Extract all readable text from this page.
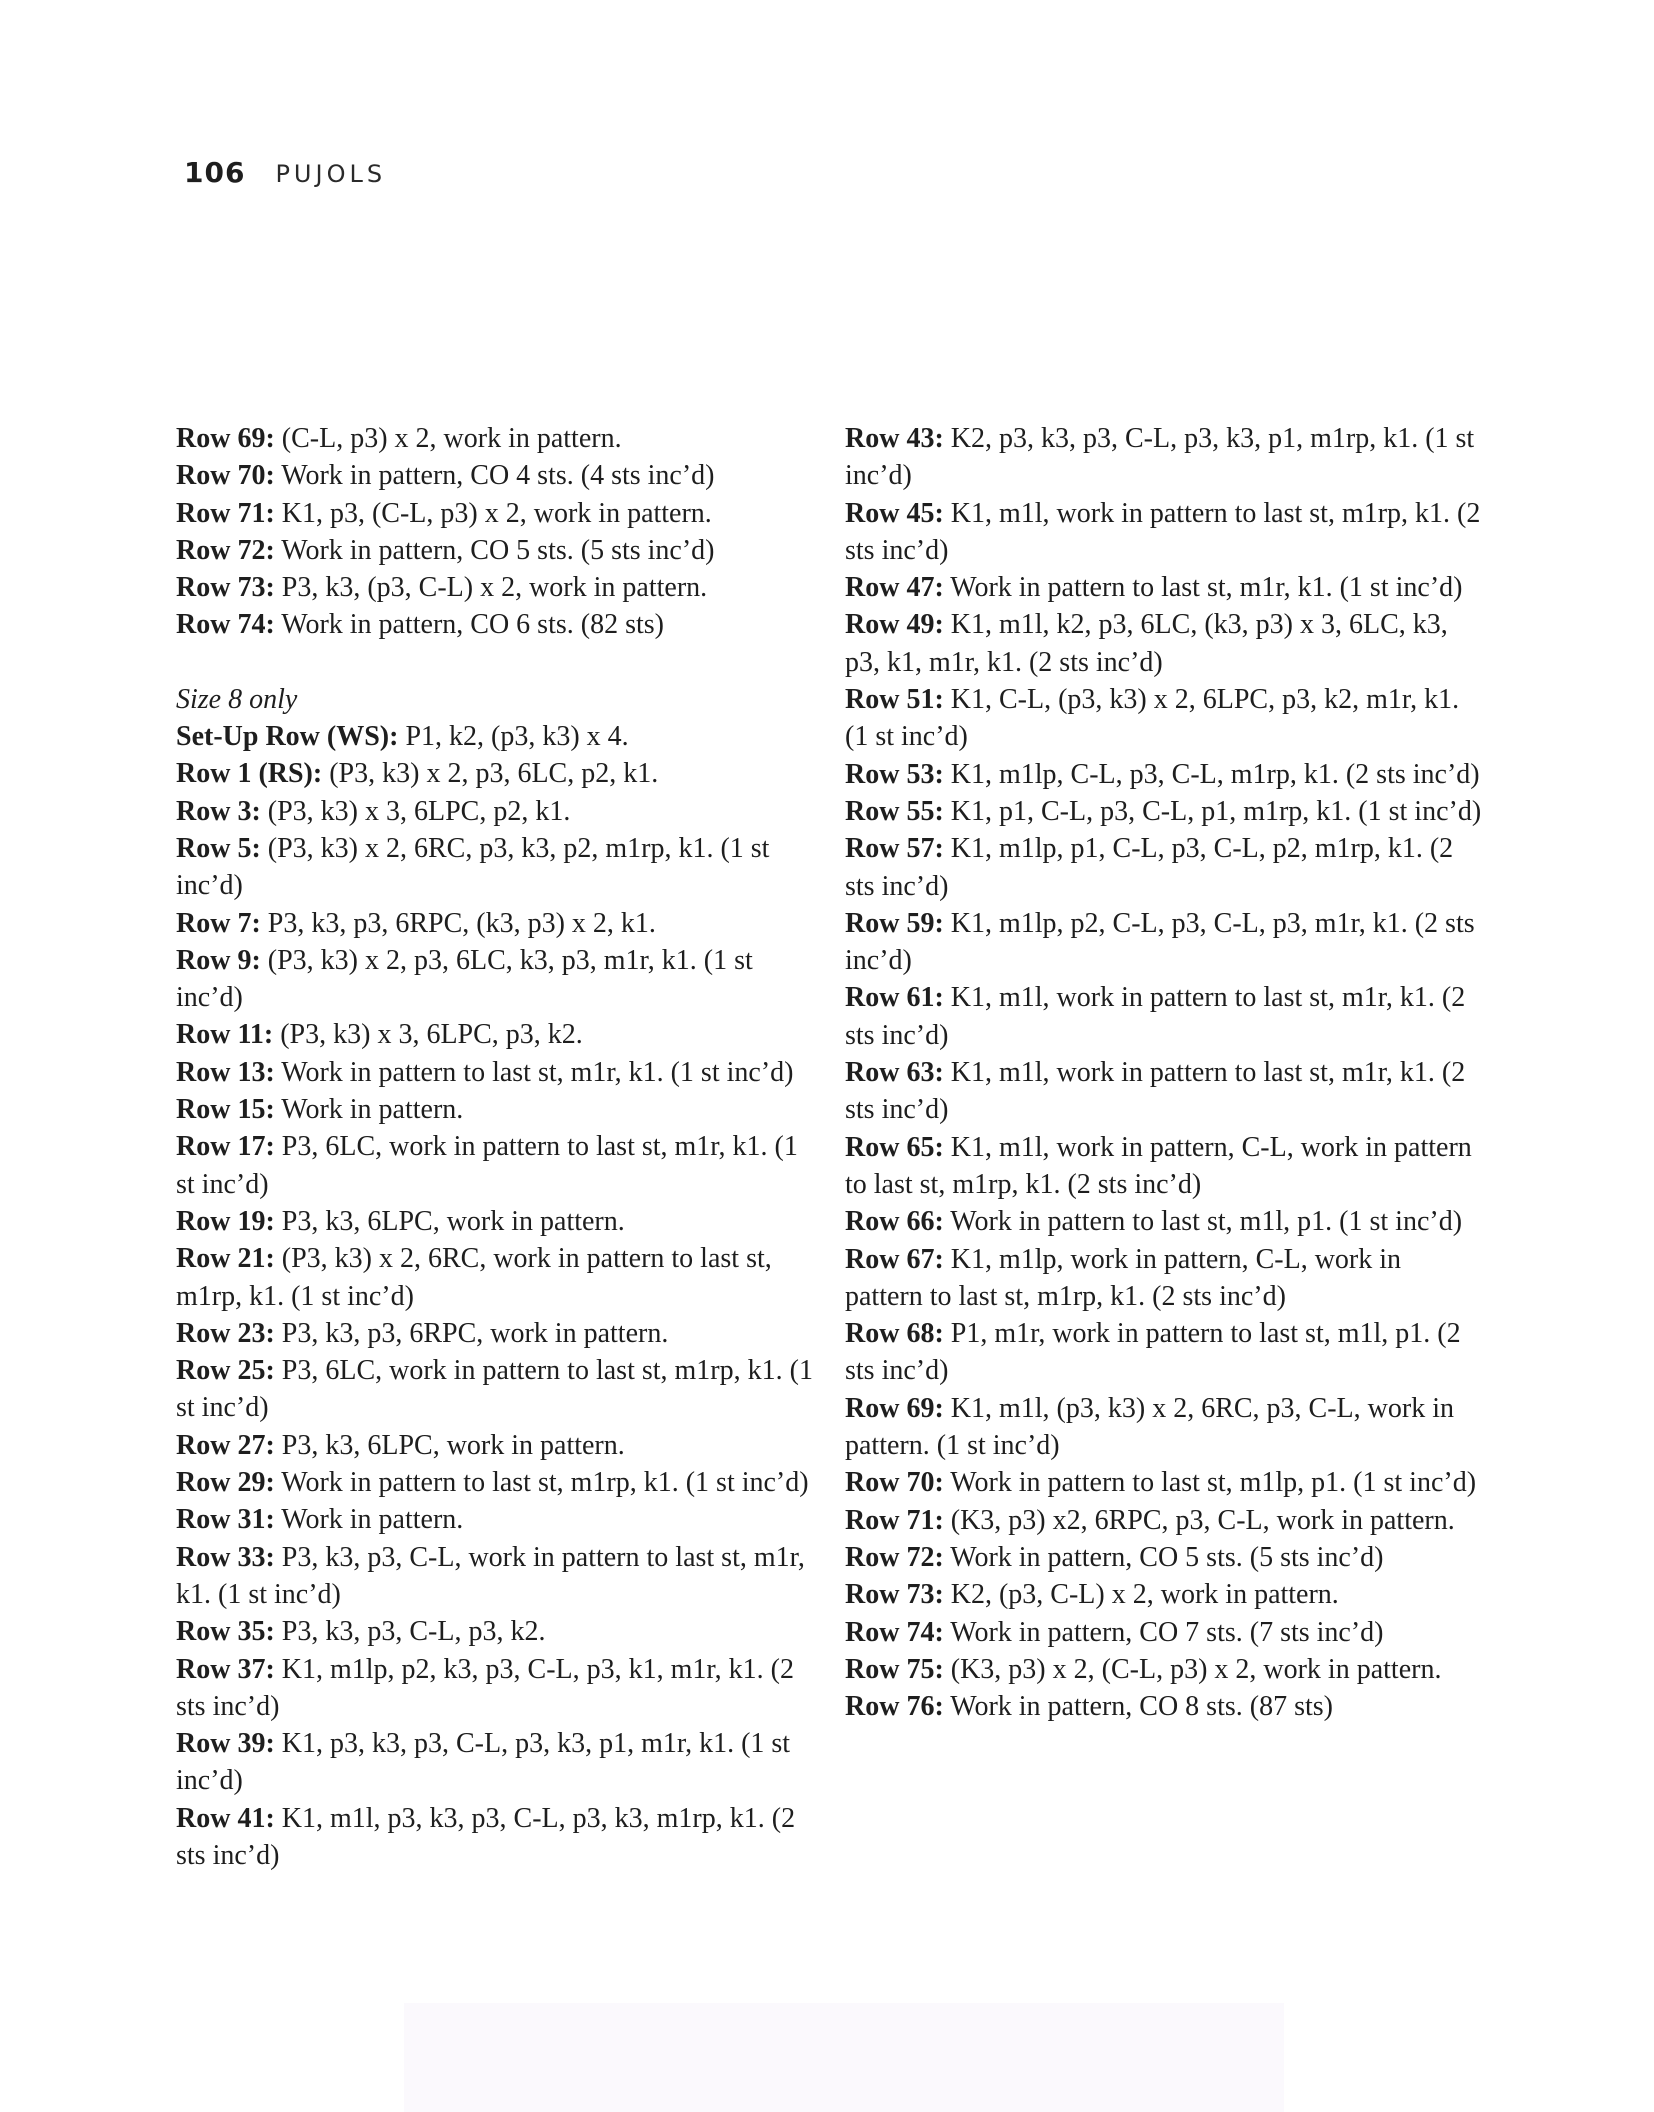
106 PUJOLS

Row 69: (C-L, p3) x 2, work in pattern.

Row 70: Work in pattern, CO 4 sts. (4 sts inc’d)

Row 71: K1, p3, (C-L, p3) x 2, work in pattern.

Row 72: Work in pattern, CO 5 sts. (5 sts inc’d)

Row 73: P3, k3, (p3, C-L) x 2, work in pattern.

Row 74: Work in pattern, CO 6 sts. (82 sts)

Size 8 only

Set-Up Row (WS): P1, k2, (p3, k3) x 4.

Row 1 (RS): (P3, k3) x 2, p3, 6LC, p2, k1.

Row 3: (P3, k3) x 3, 6LPC, p2, k1.

Row 5: (P3, k3) x 2, 6RC, p3, k3, p2, m1rp, k1. (1 st inc’d)

Row 7: P3, k3, p3, 6RPC, (k3, p3) x 2, k1.

Row 9: (P3, k3) x 2, p3, 6LC, k3, p3, m1r, k1. (1 st inc’d)

Row 11: (P3, k3) x 3, 6LPC, p3, k2.

Row 13: Work in pattern to last st, m1r, k1. (1 st inc’d)

Row 15: Work in pattern.

Row 17: P3, 6LC, work in pattern to last st, m1r, k1. (1 st inc’d)

Row 19: P3, k3, 6LPC, work in pattern.

Row 21: (P3, k3) x 2, 6RC, work in pattern to last st, m1rp, k1. (1 st inc’d)

Row 23: P3, k3, p3, 6RPC, work in pattern.

Row 25: P3, 6LC, work in pattern to last st, m1rp, k1. (1 st inc’d)

Row 27: P3, k3, 6LPC, work in pattern.

Row 29: Work in pattern to last st, m1rp, k1. (1 st inc’d)

Row 31: Work in pattern.

Row 33: P3, k3, p3, C-L, work in pattern to last st, m1r, k1. (1 st inc’d)

Row 35: P3, k3, p3, C-L, p3, k2.

Row 37: K1, m1lp, p2, k3, p3, C-L, p3, k1, m1r, k1. (2 sts inc’d)

Row 39: K1, p3, k3, p3, C-L, p3, k3, p1, m1r, k1. (1 st inc’d)

Row 41: K1, m1l, p3, k3, p3, C-L, p3, k3, m1rp, k1. (2 sts inc’d)

Row 43: K2, p3, k3, p3, C-L, p3, k3, p1, m1rp, k1. (1 st inc’d)

Row 45: K1, m1l, work in pattern to last st, m1rp, k1. (2 sts inc’d)

Row 47: Work in pattern to last st, m1r, k1. (1 st inc’d)

Row 49: K1, m1l, k2, p3, 6LC, (k3, p3) x 3, 6LC, k3, p3, k1, m1r, k1. (2 sts inc’d)

Row 51: K1, C-L, (p3, k3) x 2, 6LPC, p3, k2, m1r, k1. (1 st inc’d)

Row 53: K1, m1lp, C-L, p3, C-L, m1rp, k1. (2 sts inc’d)

Row 55: K1, p1, C-L, p3, C-L, p1, m1rp, k1. (1 st inc’d)

Row 57: K1, m1lp, p1, C-L, p3, C-L, p2, m1rp, k1. (2 sts inc’d)

Row 59: K1, m1lp, p2, C-L, p3, C-L, p3, m1r, k1. (2 sts inc’d)

Row 61: K1, m1l, work in pattern to last st, m1r, k1. (2 sts inc’d)

Row 63: K1, m1l, work in pattern to last st, m1r, k1. (2 sts inc’d)

Row 65: K1, m1l, work in pattern, C-L, work in pattern to last st, m1rp, k1. (2 sts inc’d)

Row 66: Work in pattern to last st, m1l, p1. (1 st inc’d)

Row 67: K1, m1lp, work in pattern, C-L, work in pattern to last st, m1rp, k1. (2 sts inc’d)

Row 68: P1, m1r, work in pattern to last st, m1l, p1. (2 sts inc’d)

Row 69: K1, m1l, (p3, k3) x 2, 6RC, p3, C-L, work in pattern. (1 st inc’d)

Row 70: Work in pattern to last st, m1lp, p1. (1 st inc’d)

Row 71: (K3, p3) x2, 6RPC, p3, C-L, work in pattern.

Row 72: Work in pattern, CO 5 sts. (5 sts inc’d)

Row 73: K2, (p3, C-L) x 2, work in pattern.

Row 74: Work in pattern, CO 7 sts. (7 sts inc’d)

Row 75: (K3, p3) x 2, (C-L, p3) x 2, work in pattern.

Row 76: Work in pattern, CO 8 sts. (87 sts)
